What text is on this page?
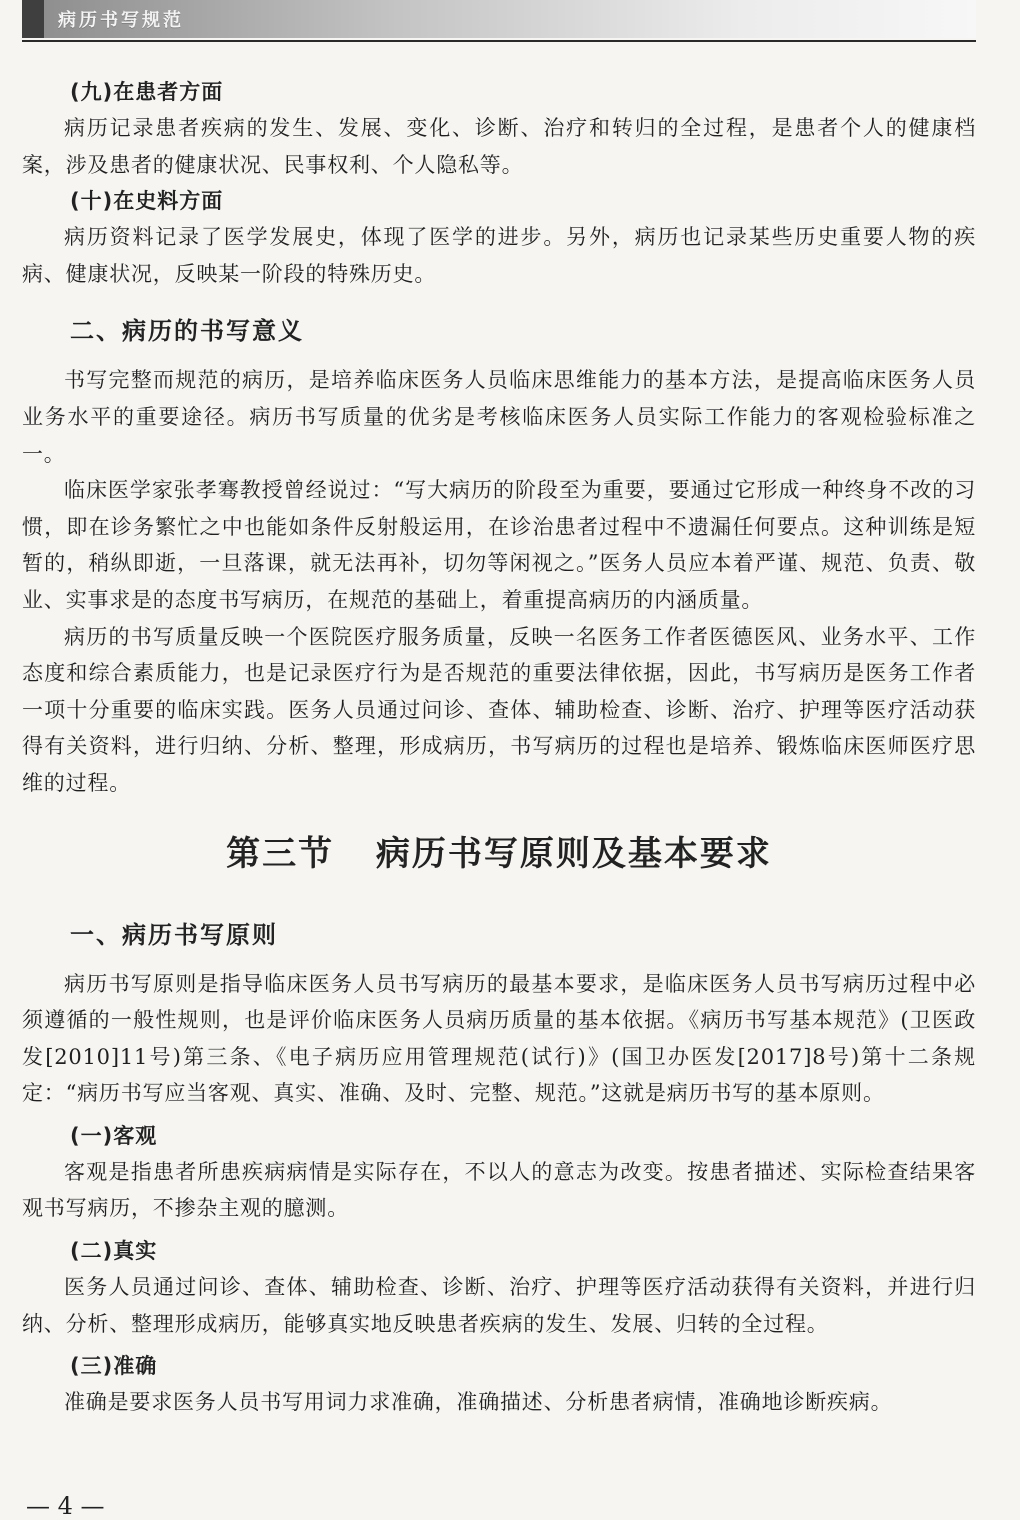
病历书写规范
(九)在患者方面

病历记录患者疾病的发生、发展、变化、诊断、治疗和转归的全过程，是患者个人的健康档案，涉及患者的健康状况、民事权利、个人隐私等。

(十)在史料方面

病历资料记录了医学发展史，体现了医学的进步。另外，病历也记录某些历史重要人物的疾病、健康状况，反映某一阶段的特殊历史。

二、病历的书写意义

书写完整而规范的病历，是培养临床医务人员临床思维能力的基本方法，是提高临床医务人员业务水平的重要途径。病历书写质量的优劣是考核临床医务人员实际工作能力的客观检验标准之一。

临床医学家张孝骞教授曾经说过：“写大病历的阶段至为重要，要通过它形成一种终身不改的习惯，即在诊务繁忙之中也能如条件反射般运用，在诊治患者过程中不遗漏任何要点。这种训练是短暂的，稍纵即逝，一旦落课，就无法再补，切勿等闲视之。”医务人员应本着严谨、规范、负责、敬业、实事求是的态度书写病历，在规范的基础上，着重提高病历的内涵质量。

病历的书写质量反映一个医院医疗服务质量，反映一名医务工作者医德医风、业务水平、工作态度和综合素质能力，也是记录医疗行为是否规范的重要法律依据，因此，书写病历是医务工作者一项十分重要的临床实践。医务人员通过问诊、查体、辅助检查、诊断、治疗、护理等医疗活动获得有关资料，进行归纳、分析、整理，形成病历，书写病历的过程也是培养、锻炼临床医师医疗思维的过程。

第三节 病历书写原则及基本要求
一、病历书写原则

病历书写原则是指导临床医务人员书写病历的最基本要求，是临床医务人员书写病历过程中必须遵循的一般性规则，也是评价临床医务人员病历质量的基本依据。《病历书写基本规范》(卫医政发[2010]11号)第三条、《电子病历应用管理规范(试行)》(国卫办医发[2017]8号)第十二条规定：“病历书写应当客观、真实、准确、及时、完整、规范。”这就是病历书写的基本原则。

(一)客观

客观是指患者所患疾病病情是实际存在，不以人的意志为改变。按患者描述、实际检查结果客观书写病历，不掺杂主观的臆测。

(二)真实

医务人员通过问诊、查体、辅助检查、诊断、治疗、护理等医疗活动获得有关资料，并进行归纳、分析、整理形成病历，能够真实地反映患者疾病的发生、发展、归转的全过程。

(三)准确

准确是要求医务人员书写用词力求准确，准确描述、分析患者病情，准确地诊断疾病。

— 4 —
